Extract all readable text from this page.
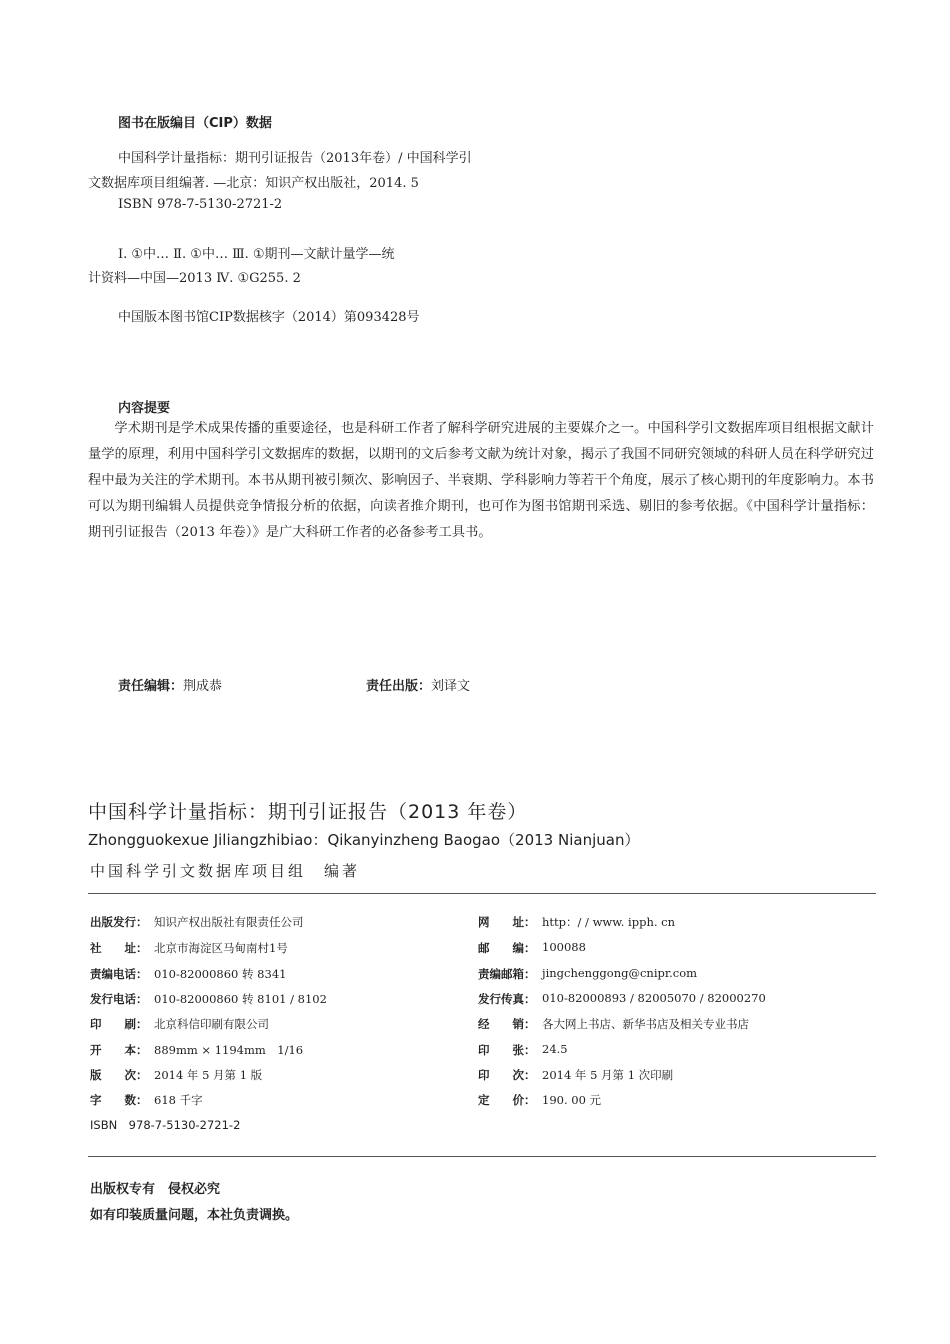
图书在版编目（CIP）数据
中国科学计量指标：期刊引证报告（2013年卷）/ 中国科学引
文数据库项目组编著. —北京：知识产权出版社，2014. 5
ISBN 978-7-5130-2721-2
Ⅰ. ①中… Ⅱ. ①中… Ⅲ. ①期刊—文献计量学—统
计资料—中国—2013 Ⅳ. ①G255. 2
中国版本图书馆CIP数据核字（2014）第093428号
内容提要
学术期刊是学术成果传播的重要途径，也是科研工作者了解科学研究进展的主要媒介之一。中国科学引文数据库项目组根据文献计量学的原理，利用中国科学引文数据库的数据，以期刊的文后参考文献为统计对象，揭示了我国不同研究领域的科研人员在科学研究过程中最为关注的学术期刊。本书从期刊被引频次、影响因子、半衰期、学科影响力等若干个角度，展示了核心期刊的年度影响力。本书可以为期刊编辑人员提供竞争情报分析的依据，向读者推介期刊，也可作为图书馆期刊采选、剔旧的参考依据。《中国科学计量指标：期刊引证报告（2013 年卷）》是广大科研工作者的必备参考工具书。
责任编辑：荆成恭	责任出版：刘译文
中国科学计量指标：期刊引证报告（2013 年卷）
Zhongguokexue Jiliangzhibiao：Qikanyinzheng Baogao（2013 Nianjuan）
中国科学引文数据库项目组　编著
出版发行： 知识产权出版社有限责任公司
社　　址： 北京市海淀区马甸南村1号
责编电话： 010-82000860 转 8341
发行电话： 010-82000860 转 8101 / 8102
印　　刷： 北京科信印刷有限公司
开　　本： 889mm × 1194mm　1/16
版　　次： 2014 年 5 月第 1 版
字　　数： 618 千字
网　　址： http：/ / www. ipph. cn
邮　　编： 100088
责编邮箱： jingchenggong@cnipr.com
发行传真： 010-82000893 / 82005070 / 82000270
经　　销： 各大网上书店、新华书店及相关专业书店
印　　张： 24.5
印　　次： 2014 年 5 月第 1 次印刷
定　　价： 190. 00 元
ISBN　978-7-5130-2721-2
出版权专有　侵权必究
如有印装质量问题，本社负责调换。
